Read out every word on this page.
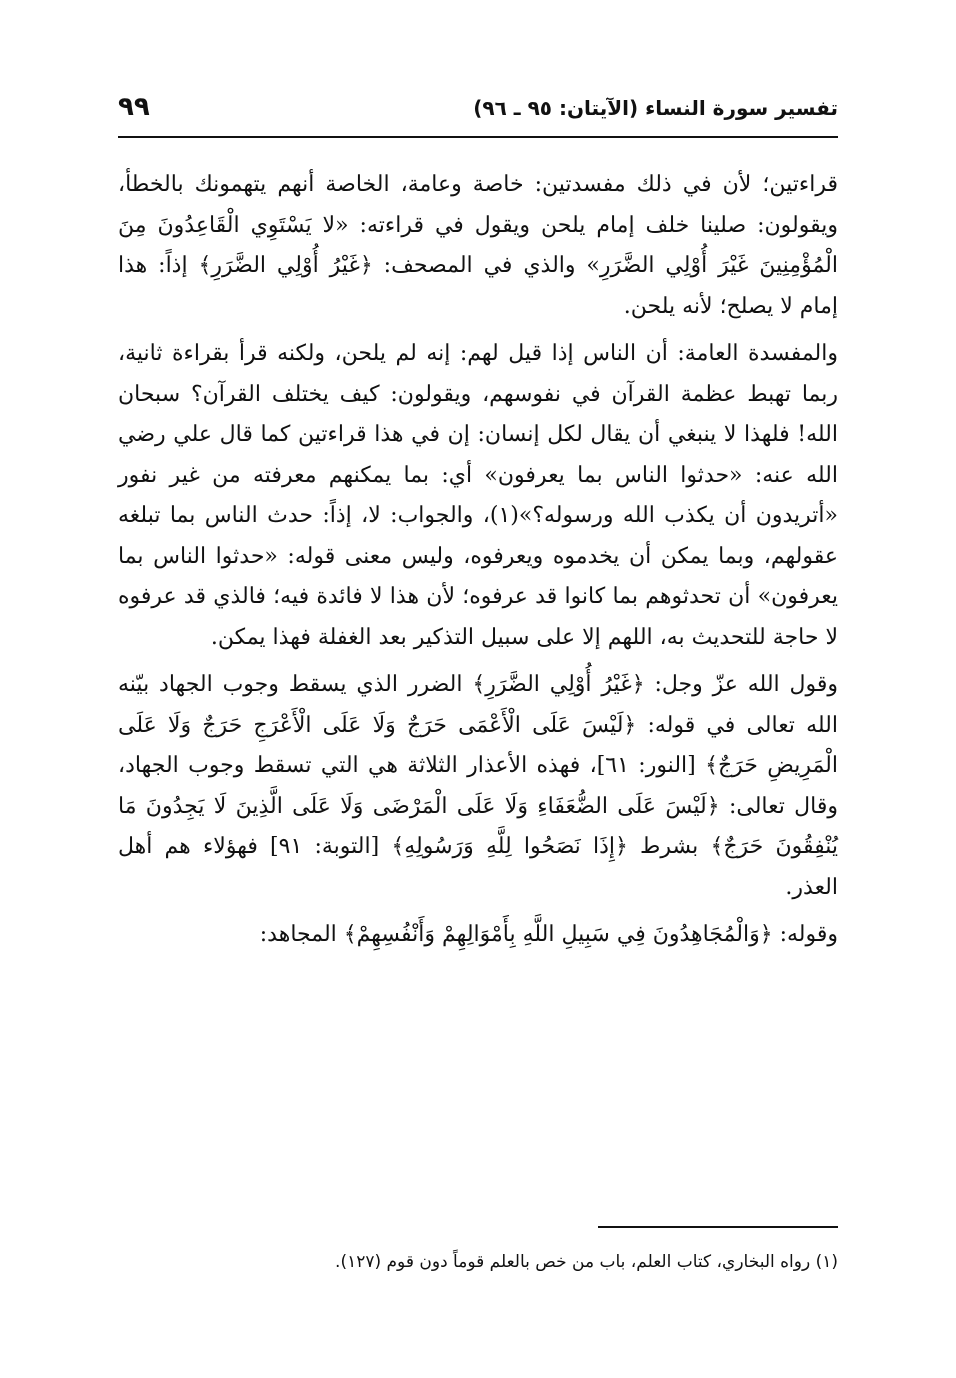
تفسير سورة النساء (الآيتان: ٩٥ ـ ٩٦)
٩٩

قراءتين؛ لأن في ذلك مفسدتين: خاصة وعامة، الخاصة أنهم يتهمونك بالخطأ، ويقولون: صلينا خلف إمام يلحن ويقول في قراءته: «لا يَسْتَوِي الْقَاعِدُونَ مِنَ الْمُؤْمِنِينَ غَيْرَ أُوْلِي الضَّرَرِ» والذي في المصحف: ﴿غَيْرُ أُوْلِي الضَّرَرِ﴾ إذاً: هذا إمام لا يصلح؛ لأنه يلحن.

والمفسدة العامة: أن الناس إذا قيل لهم: إنه لم يلحن، ولكنه قرأ بقراءة ثانية، ربما تهبط عظمة القرآن في نفوسهم، ويقولون: كيف يختلف القرآن؟ سبحان الله! فلهذا لا ينبغي أن يقال لكل إنسان: إن في هذا قراءتين كما قال علي رضي الله عنه: «حدثوا الناس بما يعرفون» أي: بما يمكنهم معرفته من غير نفور «أتريدون أن يكذب الله ورسوله؟»(١)، والجواب: لا، إذاً: حدث الناس بما تبلغه عقولهم، وبما يمكن أن يخدموه ويعرفوه، وليس معنى قوله: «حدثوا الناس بما يعرفون» أن تحدثوهم بما كانوا قد عرفوه؛ لأن هذا لا فائدة فيه؛ فالذي قد عرفوه لا حاجة للتحديث به، اللهم إلا على سبيل التذكير بعد الغفلة فهذا يمكن.

وقول الله عزّ وجل: ﴿غَيْرُ أُوْلِي الضَّرَرِ﴾ الضرر الذي يسقط وجوب الجهاد بيّنه الله تعالى في قوله: ﴿لَيْسَ عَلَى الْأَعْمَى حَرَجٌ وَلَا عَلَى الْأَعْرَجِ حَرَجٌ وَلَا عَلَى الْمَرِيضِ حَرَجٌ﴾ [النور: ٦١]، فهذه الأعذار الثلاثة هي التي تسقط وجوب الجهاد، وقال تعالى: ﴿لَيْسَ عَلَى الضُّعَفَاءِ وَلَا عَلَى الْمَرْضَى وَلَا عَلَى الَّذِينَ لَا يَجِدُونَ مَا يُنْفِقُونَ حَرَجٌ﴾ بشرط ﴿إِذَا نَصَحُوا لِلَّهِ وَرَسُولِهِ﴾ [التوبة: ٩١] فهؤلاء هم أهل العذر.

وقوله: ﴿وَالْمُجَاهِدُونَ فِي سَبِيلِ اللَّهِ بِأَمْوَالِهِمْ وَأَنْفُسِهِمْ﴾ المجاهد:

(١) رواه البخاري، كتاب العلم، باب من خص بالعلم قوماً دون قوم (١٢٧).
